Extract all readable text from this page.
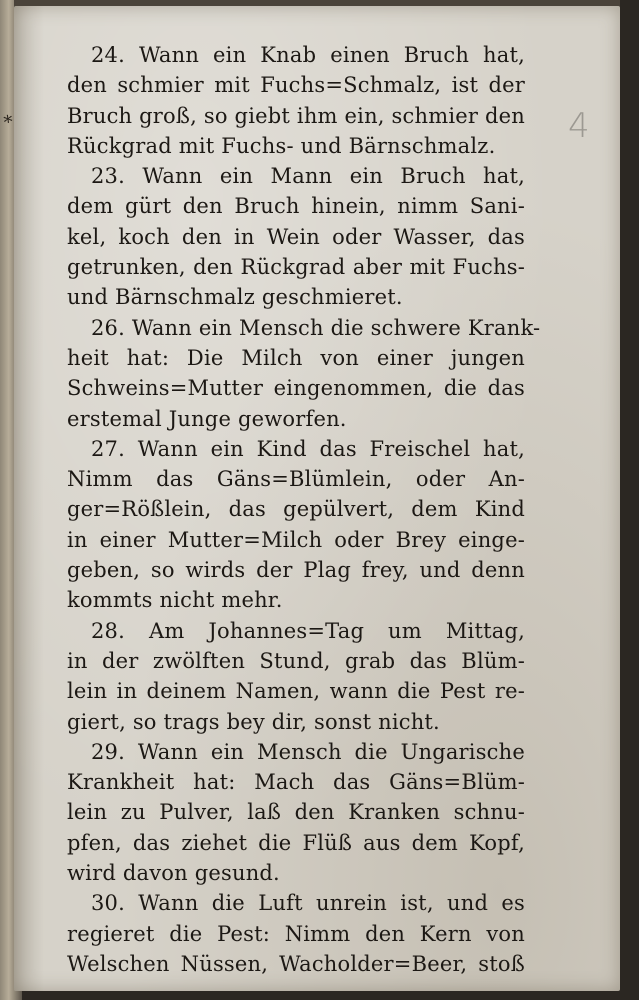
*	4
24. Wann ein Knab einen Bruch hat,
den schmier mit Fuchs=Schmalz, ist der
Bruch groß, so giebt ihm ein, schmier den
Rückgrad mit Fuchs- und Bärnschmalz.
23. Wann ein Mann ein Bruch hat,
dem gürt den Bruch hinein, nimm Sani-
kel, koch den in Wein oder Wasser, das
getrunken, den Rückgrad aber mit Fuchs-
und Bärnschmalz geschmieret.
26. Wann ein Mensch die schwere Krank-
heit hat: Die Milch von einer jungen
Schweins=Mutter eingenommen, die das
erstemal Junge geworfen.
27. Wann ein Kind das Freischel hat,
Nimm das Gäns=Blümlein, oder An-
ger=Rößlein, das gepülvert, dem Kind
in einer Mutter=Milch oder Brey einge-
geben, so wirds der Plag frey, und denn
kommts nicht mehr.
28. Am Johannes=Tag um Mittag,
in der zwölften Stund, grab das Blüm-
lein in deinem Namen, wann die Pest re-
giert, so trags bey dir, sonst nicht.
29. Wann ein Mensch die Ungarische
Krankheit hat: Mach das Gäns=Blüm-
lein zu Pulver, laß den Kranken schnu-
pfen, das ziehet die Flüß aus dem Kopf,
wird davon gesund.
30. Wann die Luft unrein ist, und es
regieret die Pest: Nimm den Kern von
Welschen Nüssen, Wacholder=Beer, stoß
